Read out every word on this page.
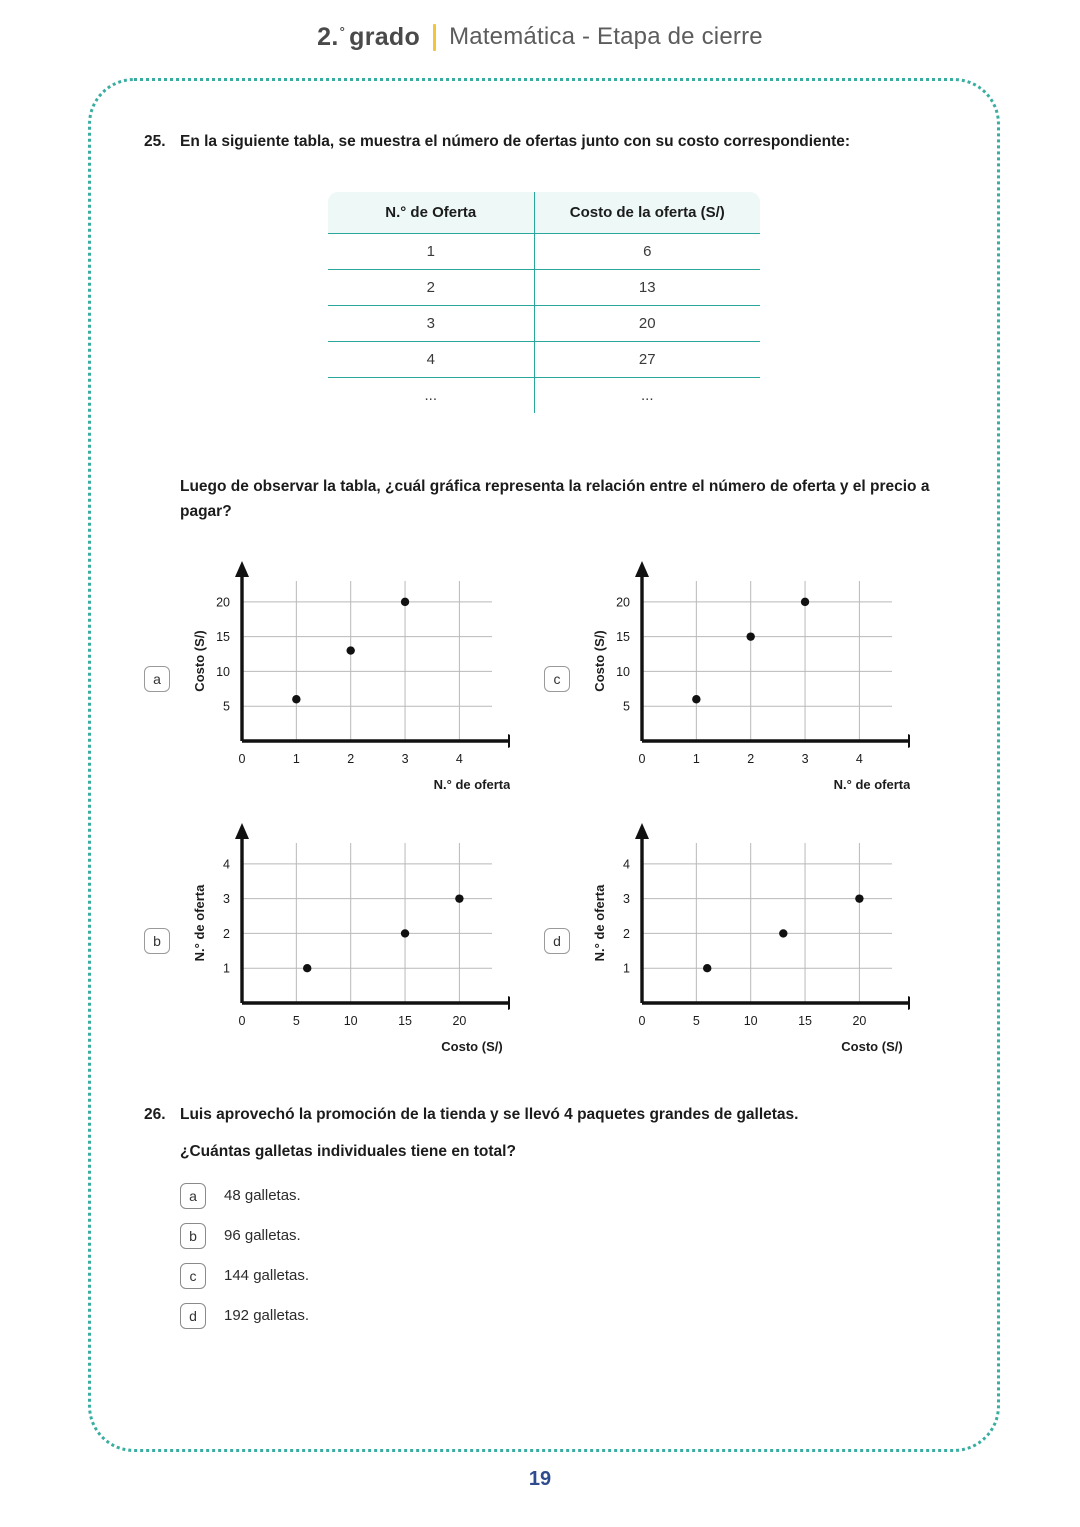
2. ° grado Matemática - Etapa de cierre
25. En la siguiente tabla, se muestra el número de ofertas junto con su costo correspondiente:
N.° de Oferta	Costo de la oferta (S/)
1	6
2	13
3	20
4	27
...	...
Luego de observar la tabla, ¿cuál gráfica representa la relación entre el número de oferta y el precio a pagar?
a
5
10
15
20
0	1	2	3	4
Costo (S/)
N.° de oferta
c
5
10
15
20
0	1	2	3	4
Costo (S/)
N.° de oferta
b
1
2
3
4
0	5	10	15	20
N.° de oferta
Costo (S/)
d
1
2
3
4
0	5	10	15	20
N.° de oferta
Costo (S/)
26. Luis aprovechó la promoción de la tienda y se llevó 4 paquetes grandes de galletas.
¿Cuántas galletas individuales tiene en total?
a	48 galletas.
b	96 galletas.
c	144 galletas.
d	192 galletas.
19
